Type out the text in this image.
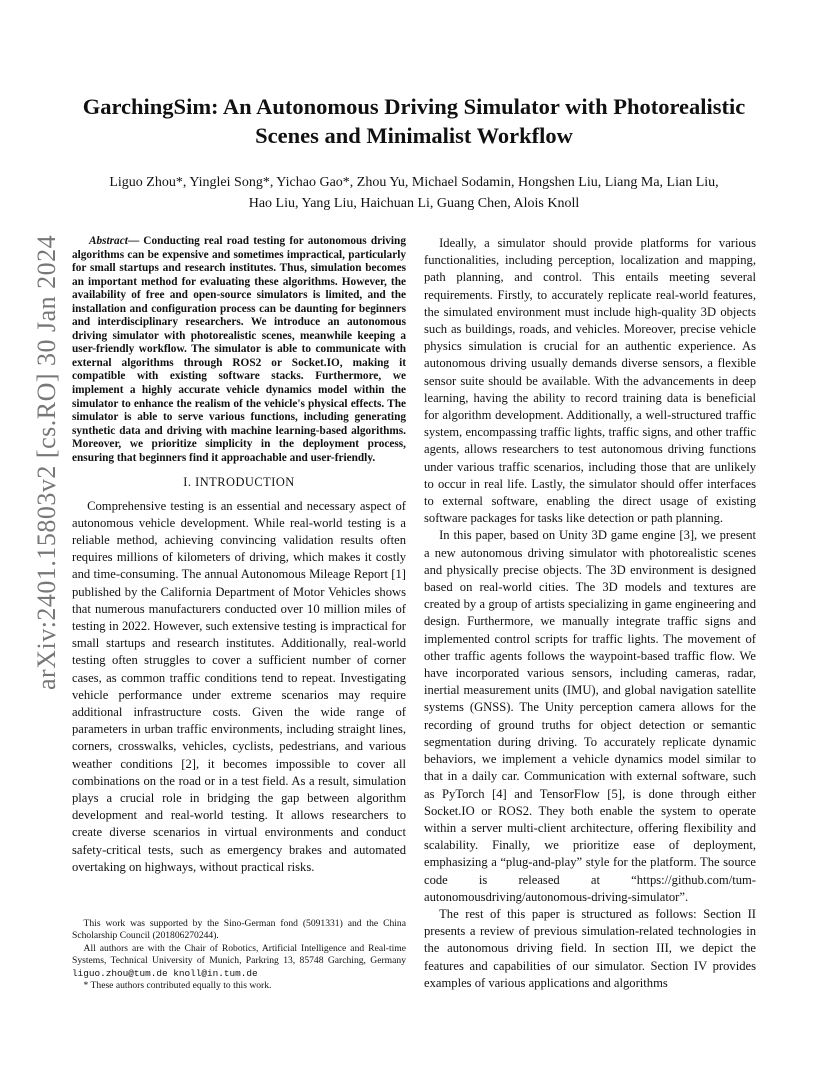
arXiv:2401.15803v2 [cs.RO] 30 Jan 2024
GarchingSim: An Autonomous Driving Simulator with Photorealistic Scenes and Minimalist Workflow
Liguo Zhou*, Yinglei Song*, Yichao Gao*, Zhou Yu, Michael Sodamin, Hongshen Liu, Liang Ma, Lian Liu,
Hao Liu, Yang Liu, Haichuan Li, Guang Chen, Alois Knoll

Abstract— Conducting real road testing for autonomous driving algorithms can be expensive and sometimes impractical, particularly for small startups and research institutes. Thus, simulation becomes an important method for evaluating these algorithms. However, the availability of free and open-source simulators is limited, and the installation and configuration process can be daunting for beginners and interdisciplinary researchers. We introduce an autonomous driving simulator with photorealistic scenes, meanwhile keeping a user-friendly workflow. The simulator is able to communicate with external algorithms through ROS2 or Socket.IO, making it compatible with existing software stacks. Furthermore, we implement a highly accurate vehicle dynamics model within the simulator to enhance the realism of the vehicle's physical effects. The simulator is able to serve various functions, including generating synthetic data and driving with machine learning-based algorithms. Moreover, we prioritize simplicity in the deployment process, ensuring that beginners find it approachable and user-friendly.

I. INTRODUCTION

Comprehensive testing is an essential and necessary aspect of autonomous vehicle development. While real-world testing is a reliable method, achieving convincing validation results often requires millions of kilometers of driving, which makes it costly and time-consuming. The annual Autonomous Mileage Report [1] published by the California Department of Motor Vehicles shows that numerous manufacturers conducted over 10 million miles of testing in 2022. However, such extensive testing is impractical for small startups and research institutes. Additionally, real-world testing often struggles to cover a sufficient number of corner cases, as common traffic conditions tend to repeat. Investigating vehicle performance under extreme scenarios may require additional infrastructure costs. Given the wide range of parameters in urban traffic environments, including straight lines, corners, crosswalks, vehicles, cyclists, pedestrians, and various weather conditions [2], it becomes impossible to cover all combinations on the road or in a test field. As a result, simulation plays a crucial role in bridging the gap between algorithm development and real-world testing. It allows researchers to create diverse scenarios in virtual environments and conduct safety-critical tests, such as emergency brakes and automated overtaking on highways, without practical risks.

This work was supported by the Sino-German fond (5091331) and the China Scholarship Council (201806270244).

All authors are with the Chair of Robotics, Artificial Intelligence and Real-time Systems, Technical University of Munich, Parkring 13, 85748 Garching, Germany liguo.zhou@tum.de knoll@in.tum.de

* These authors contributed equally to this work.

Ideally, a simulator should provide platforms for various functionalities, including perception, localization and mapping, path planning, and control. This entails meeting several requirements. Firstly, to accurately replicate real-world features, the simulated environment must include high-quality 3D objects such as buildings, roads, and vehicles. Moreover, precise vehicle physics simulation is crucial for an authentic experience. As autonomous driving usually demands diverse sensors, a flexible sensor suite should be available. With the advancements in deep learning, having the ability to record training data is beneficial for algorithm development. Additionally, a well-structured traffic system, encompassing traffic lights, traffic signs, and other traffic agents, allows researchers to test autonomous driving functions under various traffic scenarios, including those that are unlikely to occur in real life. Lastly, the simulator should offer interfaces to external software, enabling the direct usage of existing software packages for tasks like detection or path planning.

In this paper, based on Unity 3D game engine [3], we present a new autonomous driving simulator with photorealistic scenes and physically precise objects. The 3D environment is designed based on real-world cities. The 3D models and textures are created by a group of artists specializing in game engineering and design. Furthermore, we manually integrate traffic signs and implemented control scripts for traffic lights. The movement of other traffic agents follows the waypoint-based traffic flow. We have incorporated various sensors, including cameras, radar, inertial measurement units (IMU), and global navigation satellite systems (GNSS). The Unity perception camera allows for the recording of ground truths for object detection or semantic segmentation during driving. To accurately replicate dynamic behaviors, we implement a vehicle dynamics model similar to that in a daily car. Communication with external software, such as PyTorch [4] and TensorFlow [5], is done through either Socket.IO or ROS2. They both enable the system to operate within a server multi-client architecture, offering flexibility and scalability. Finally, we prioritize ease of deployment, emphasizing a “plug-and-play” style for the platform. The source code is released at “https://github.com/tum-autonomousdriving/autonomous-driving-simulator”.

The rest of this paper is structured as follows: Section II presents a review of previous simulation-related technologies in the autonomous driving field. In section III, we depict the features and capabilities of our simulator. Section IV provides examples of various applications and algorithms
